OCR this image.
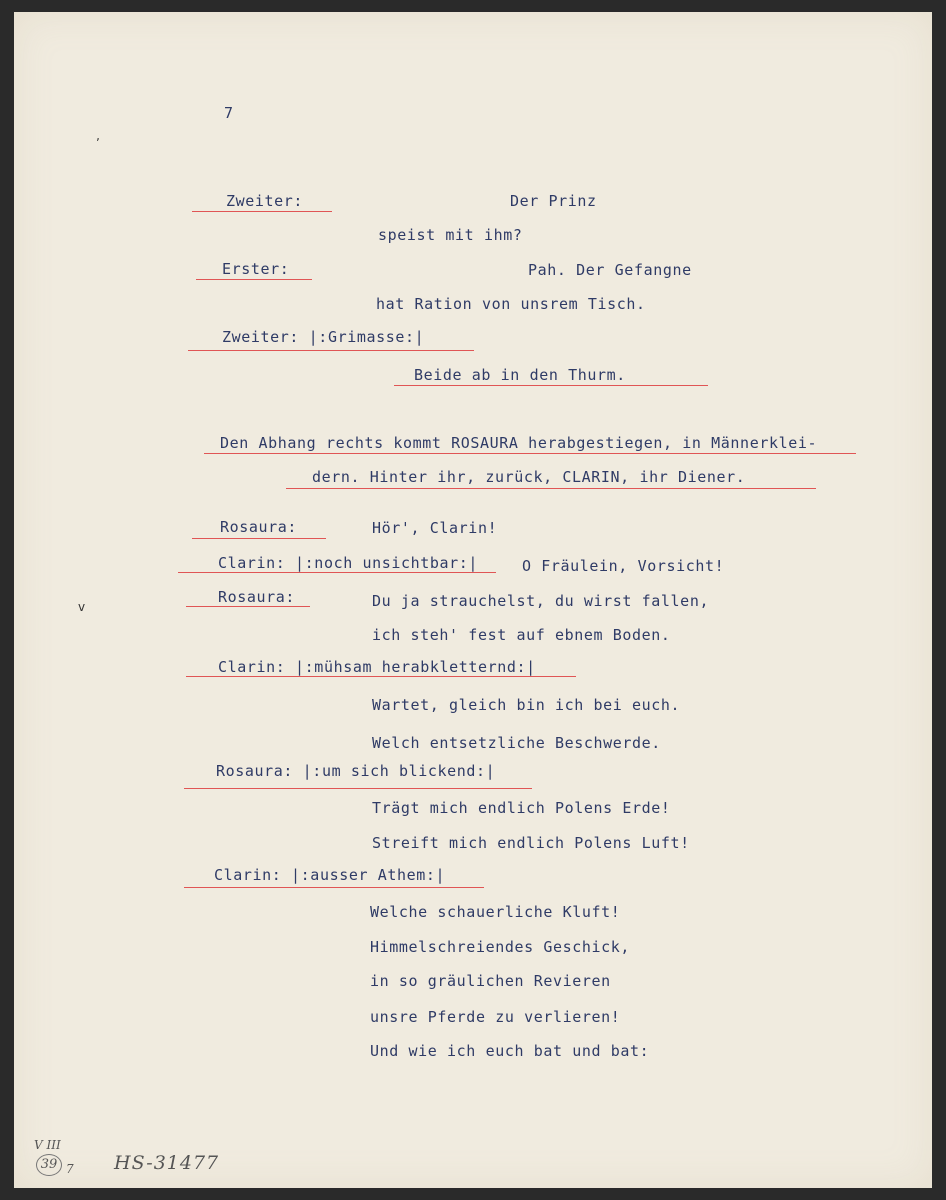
7
Zweiter:	Der Prinz
speist mit ihm?
Erster:	Pah. Der Gefangne
hat Ration von unsrem Tisch.
Zweiter: |:Grimasse:|
Beide ab in den Thurm.
Den Abhang rechts kommt ROSAURA herabgestiegen, in Männerklei-
dern. Hinter ihr, zurück, CLARIN, ihr Diener.
Rosaura:	Hör', Clarin!
Clarin: |:noch unsichtbar:|	O Fräulein, Vorsicht!
Rosaura:	Du ja strauchelst, du wirst fallen,
ich steh' fest auf ebnem Boden.
Clarin: |:mühsam herabkletternd:|
Wartet, gleich bin ich bei euch.
Welch entsetzliche Beschwerde.
Rosaura: |:um sich blickend:|
Trägt mich endlich Polens Erde!
Streift mich endlich Polens Luft!
Clarin: |:ausser Athem:|
Welche schauerliche Kluft!
Himmelschreiendes Geschick,
in so gräulichen Revieren
unsre Pferde zu verlieren!
Und wie ich euch bat und bat:
ʼ
v
V III
39 7 HS-31477
